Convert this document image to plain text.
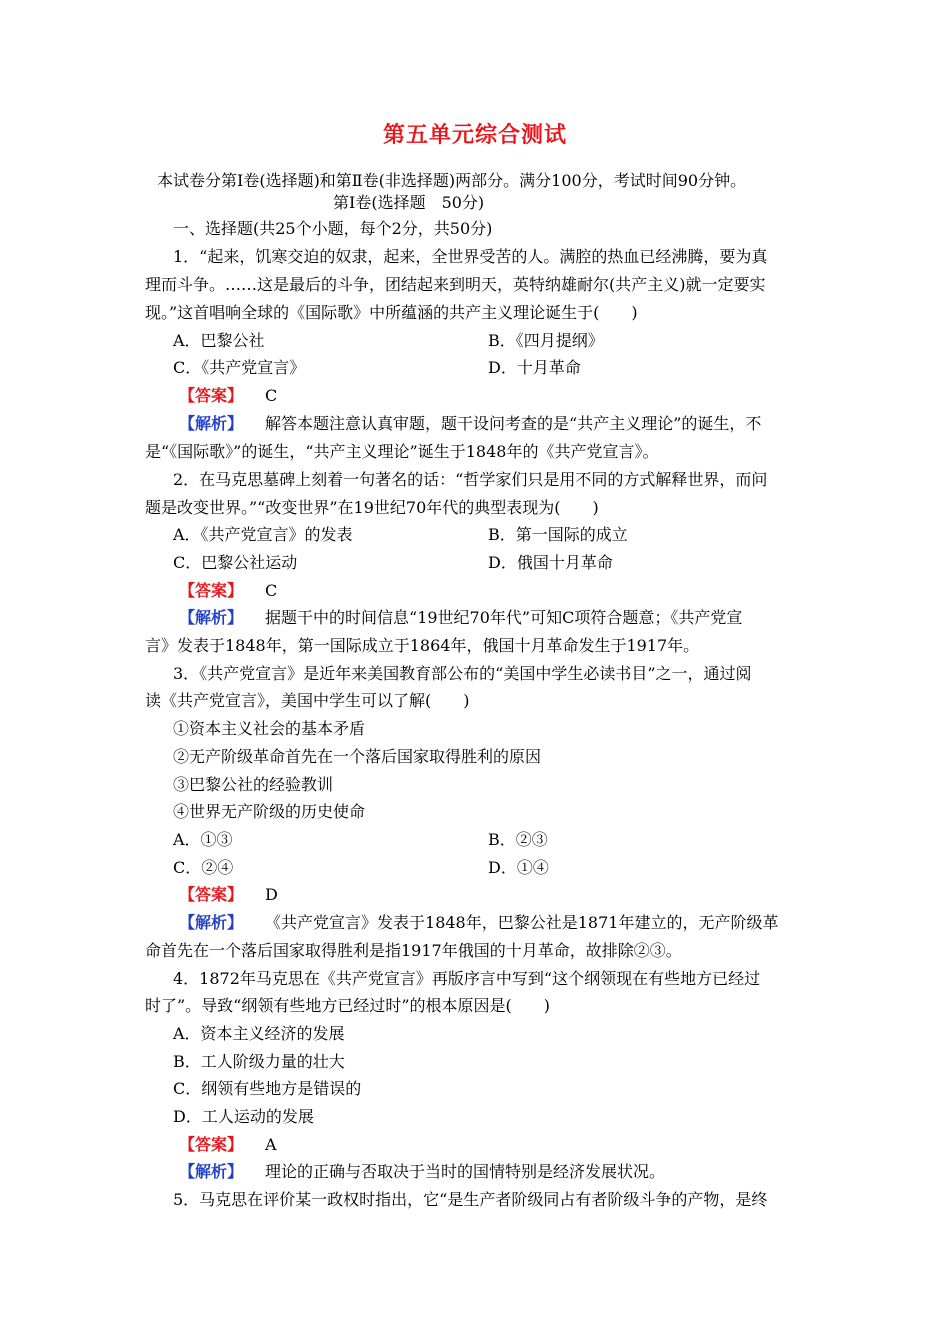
第五单元综合测试
本试卷分第Ⅰ卷(选择题)和第Ⅱ卷(非选择题)两部分。满分100分，考试时间90分钟。
第Ⅰ卷(选择题　50分)
一、选择题(共25个小题，每个2分，共50分)
1．“起来，饥寒交迫的奴隶，起来，全世界受苦的人。满腔的热血已经沸腾，要为真
理而斗争。……这是最后的斗争，团结起来到明天，英特纳雄耐尔(共产主义)就一定要实
现。”这首唱响全球的《国际歌》中所蕴涵的共产主义理论诞生于(　　)
A．巴黎公社	B．《四月提纲》
C．《共产党宣言》	D．十月革命
【答案】 C
【解析】 解答本题注意认真审题，题干设问考查的是“共产主义理论”的诞生，不
是“《国际歌》”的诞生，“共产主义理论”诞生于1848年的《共产党宣言》。
2．在马克思墓碑上刻着一句著名的话：“哲学家们只是用不同的方式解释世界，而问
题是改变世界。”“改变世界”在19世纪70年代的典型表现为(　　)
A．《共产党宣言》的发表	B．第一国际的成立
C．巴黎公社运动	D．俄国十月革命
【答案】 C
【解析】 据题干中的时间信息“19世纪70年代”可知C项符合题意；《共产党宣
言》发表于1848年，第一国际成立于1864年，俄国十月革命发生于1917年。
3．《共产党宣言》是近年来美国教育部公布的“美国中学生必读书目”之一，通过阅
读《共产党宣言》，美国中学生可以了解(　　)
①资本主义社会的基本矛盾
②无产阶级革命首先在一个落后国家取得胜利的原因
③巴黎公社的经验教训
④世界无产阶级的历史使命
A．①③	B．②③
C．②④	D．①④
【答案】 D
【解析】 《共产党宣言》发表于1848年，巴黎公社是1871年建立的，无产阶级革
命首先在一个落后国家取得胜利是指1917年俄国的十月革命，故排除②③。
4．1872年马克思在《共产党宣言》再版序言中写到“这个纲领现在有些地方已经过
时了”。导致“纲领有些地方已经过时”的根本原因是(　　)
A．资本主义经济的发展
B．工人阶级力量的壮大
C．纲领有些地方是错误的
D．工人运动的发展
【答案】 A
【解析】 理论的正确与否取决于当时的国情特别是经济发展状况。
5．马克思在评价某一政权时指出，它“是生产者阶级同占有者阶级斗争的产物，是终
